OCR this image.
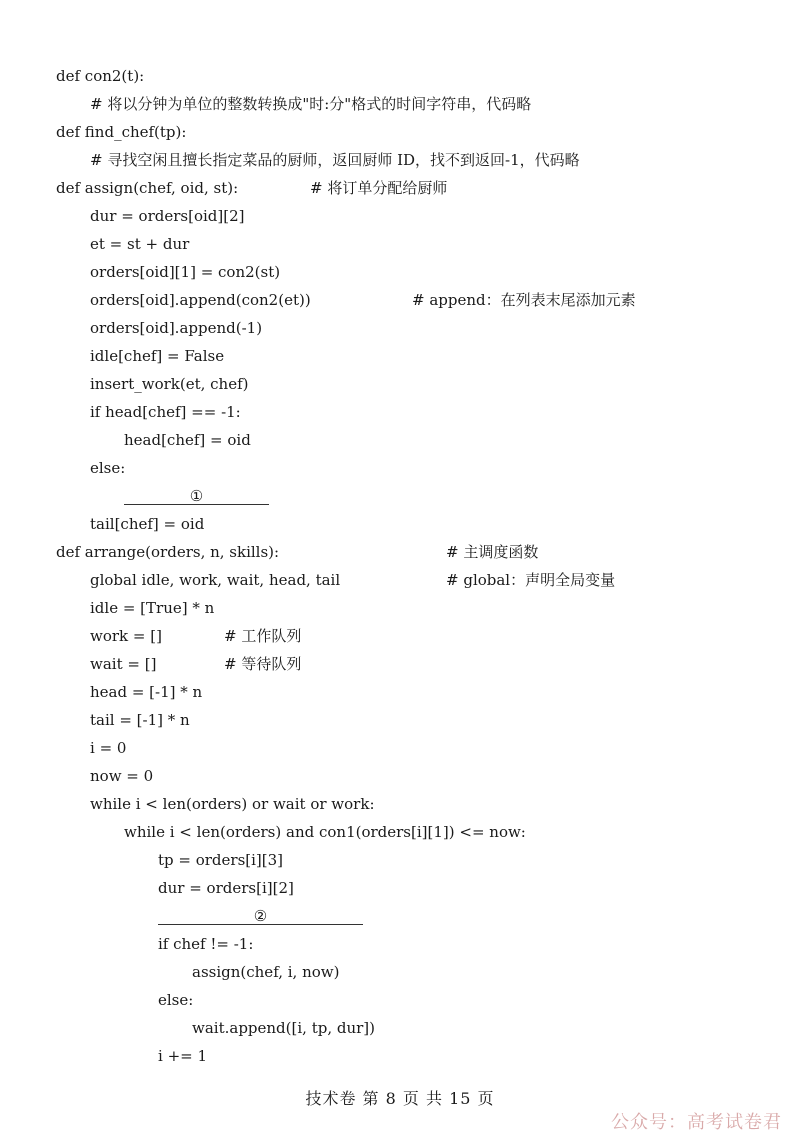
def con2(t):
# 将以分钟为单位的整数转换成"时:分"格式的时间字符串，代码略
def find_chef(tp):
# 寻找空闲且擅长指定菜品的厨师，返回厨师 ID，找不到返回-1，代码略
def assign(chef, oid, st):	# 将订单分配给厨师
dur = orders[oid][2]
et = st + dur
orders[oid][1] = con2(st)
orders[oid].append(con2(et))	# append：在列表末尾添加元素
orders[oid].append(-1)
idle[chef] = False
insert_work(et, chef)
if head[chef] == -1:
head[chef] = oid
else:
①
tail[chef] = oid
def arrange(orders, n, skills):	# 主调度函数
global idle, work, wait, head, tail	# global：声明全局变量
idle = [True] * n
work = []	# 工作队列
wait = []	# 等待队列
head = [-1] * n
tail = [-1] * n
i = 0
now = 0
while i < len(orders) or wait or work:
while i < len(orders) and con1(orders[i][1]) <= now:
tp = orders[i][3]
dur = orders[i][2]
②
if chef != -1:
assign(chef, i, now)
else:
wait.append([i, tp, dur])
i += 1
技术卷 第 8 页 共 15 页
公众号：高考试卷君
